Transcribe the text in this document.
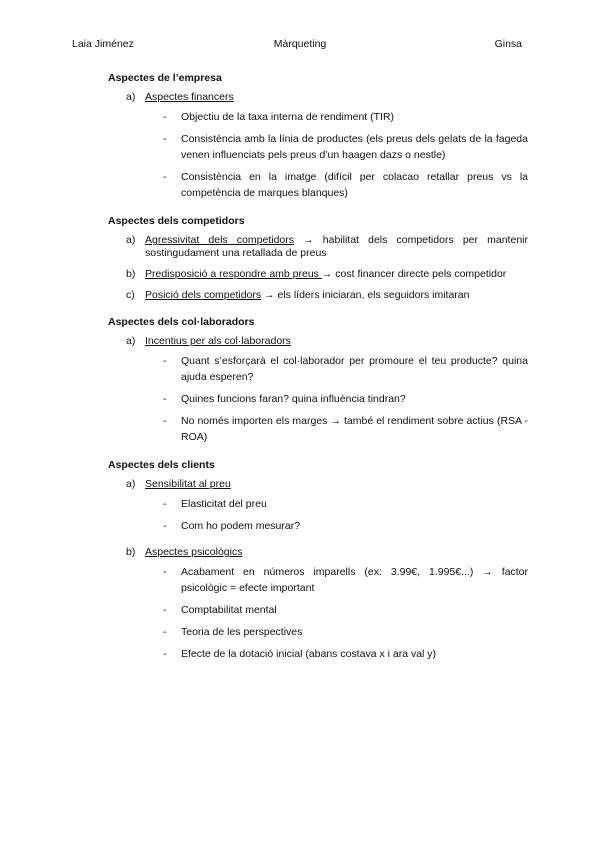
Laia Jiménez	Màrqueting	Ginsa
Aspectes de l’empresa
a) Aspectes financers
-	Objectiu de la taxa interna de rendiment (TIR)
-	Consistència amb la línia de productes (els preus dels gelats de la fageda venen influenciats pels preus d’un haagen dazs o nestle)
-	Consistència en la imatge (difícil per colacao retallar preus vs la competència de marques blanques)
Aspectes dels competidors
a) Agressivitat dels competidors → habilitat dels competidors per mantenir sostingudament una retallada de preus
b) Predisposició a respondre amb preus → cost financer directe pels competidor
c) Posició dels competidors → els líders iniciaran, els seguidors imitaran
Aspectes dels col·laboradors
a) Incentius per als col·laboradors
-	Quant s’esforçarà el col·laborador per promoure el teu producte? quina ajuda esperen?
-	Quines funcions faran? quina influència tindran?
-	No només importen els marges → també el rendiment sobre actius (RSA - ROA)
Aspectes dels clients
a) Sensibilitat al preu
-	Elasticitat del preu
-	Com ho podem mesurar?
b) Aspectes psicològics
-	Acabament en números imparells (ex: 3.99€, 1.995€...) → factor psicològic = efecte important
-	Comptabilitat mental
-	Teoria de les perspectives
-	Efecte de la dotació inicial (abans costava x i ara val y)
